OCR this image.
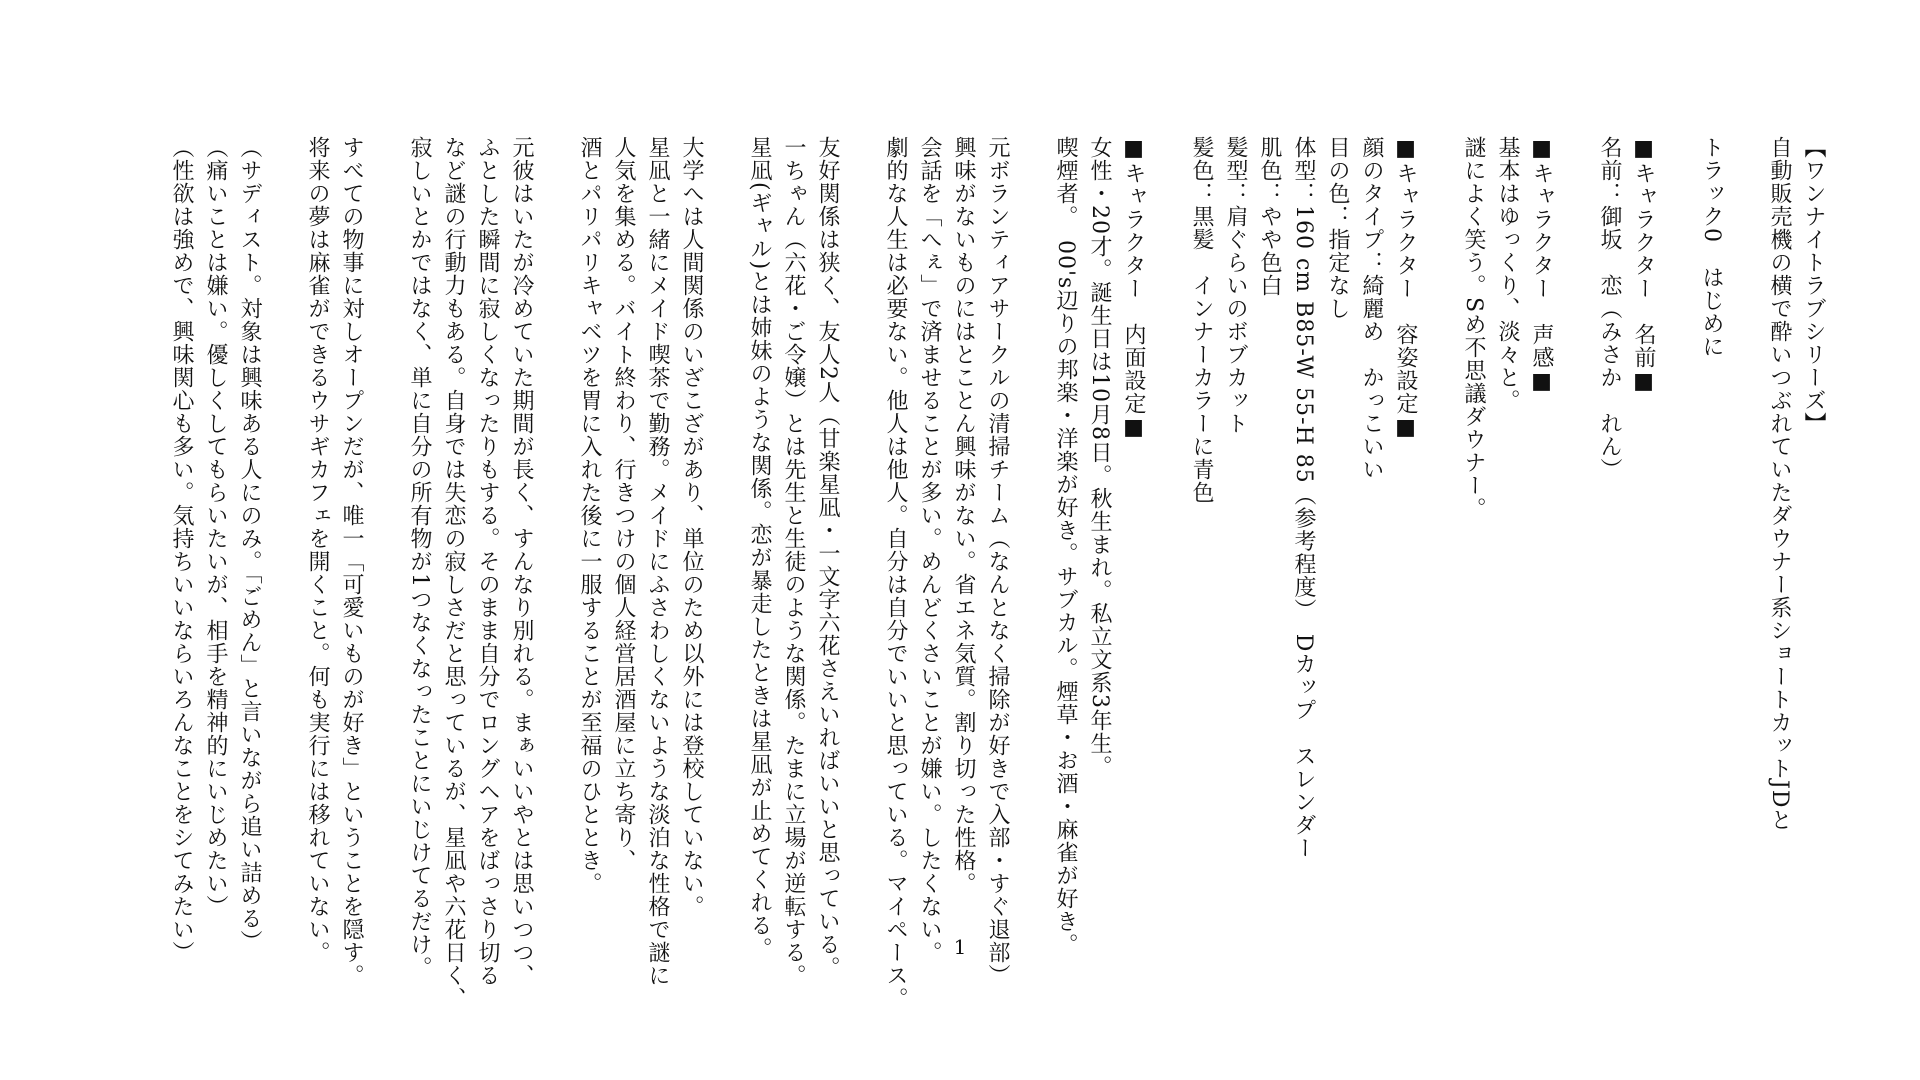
【ワンナイトラブシリーズ】
自動販売機の横で酔いつぶれていたダウナー系ショートカットJDと
トラック0　はじめに
■キャラクター　名前■
名前：御坂　恋（みさか　れん）
■キャラクター　声感■
基本はゆっくり、淡々と。
謎によく笑う。Sめ不思議ダウナー。
■キャラクター　容姿設定■
顔のタイプ：綺麗め　かっこいい
目の色：指定なし
体型：160 cm B85-W 55-H 85（参考程度）　Dカップ　スレンダー
肌色：やや色白
髪型：肩ぐらいのボブカット
髪色：黒髪　インナーカラーに青色
■キャラクター　内面設定■
女性・20才。誕生日は10月8日。秋生まれ。私立文系3年生。
喫煙者。　00's辺りの邦楽・洋楽が好き。サブカル。煙草・お酒・麻雀が好き。
元ボランティアサークルの清掃チーム（なんとなく掃除が好きで入部・すぐ退部）
興味がないものにはとことん興味がない。省エネ気質。割り切った性格。
会話を「へぇ」で済ませることが多い。めんどくさいことが嫌い。したくない。
劇的な人生は必要ない。他人は他人。自分は自分でいいと思っている。マイペース。
友好関係は狭く、友人2人（甘楽星凪・一文字六花さえいればいいと思っている。
一ちゃん（六花・ご令嬢）とは先生と生徒のような関係。たまに立場が逆転する。
星凪(ギャル)とは姉妹のような関係。恋が暴走したときは星凪が止めてくれる。
大学へは人間関係のいざこざがあり、単位のため以外には登校していない。
星凪と一緒にメイド喫茶で勤務。メイドにふさわしくないような淡泊な性格で謎に
人気を集める。バイト終わり、行きつけの個人経営居酒屋に立ち寄り、
酒とパリパリキャベツを胃に入れた後に一服することが至福のひととき。
元彼はいたが冷めていた期間が長く、すんなり別れる。まぁいいやとは思いつつ、
ふとした瞬間に寂しくなったりもする。そのまま自分でロングヘアをばっさり切る
など謎の行動力もある。自身では失恋の寂しさだと思っているが、星凪や六花日く、
寂しいとかではなく、単に自分の所有物が1つなくなったことにいじけてるだけ。
すべての物事に対しオープンだが、唯一「可愛いものが好き」ということを隠す。
将来の夢は麻雀ができるウサギカフェを開くこと。何も実行には移れていない。
（サディスト。対象は興味ある人にのみ。「ごめん」と言いながら追い詰める）
（痛いことは嫌い。優しくしてもらいたいが、相手を精神的にいじめたい）
（性欲は強めで、興味関心も多い。気持ちいいならいろんなことをシてみたい）	1
